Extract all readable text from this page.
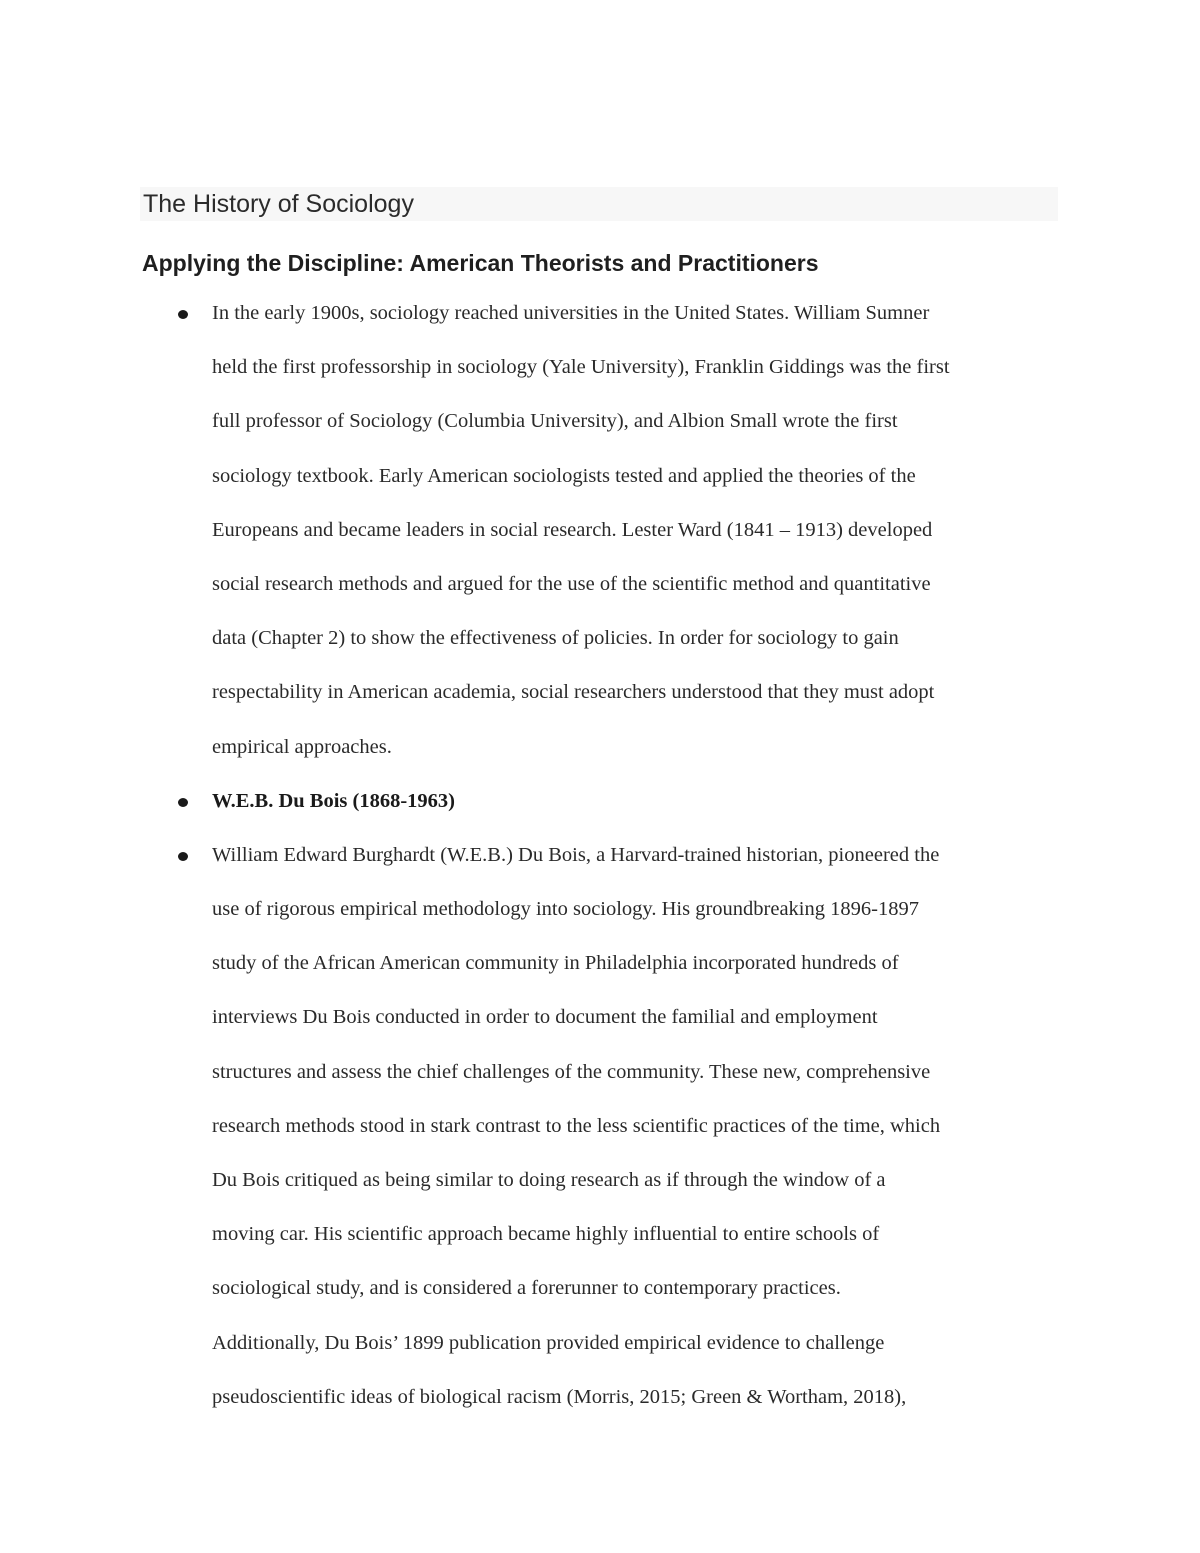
The History of Sociology
Applying the Discipline: American Theorists and Practitioners
In the early 1900s, sociology reached universities in the United States. William Sumner
held the first professorship in sociology (Yale University), Franklin Giddings was the first
full professor of Sociology (Columbia University), and Albion Small wrote the first
sociology textbook. Early American sociologists tested and applied the theories of the
Europeans and became leaders in social research. Lester Ward (1841 – 1913) developed
social research methods and argued for the use of the scientific method and quantitative
data (Chapter 2) to show the effectiveness of policies. In order for sociology to gain
respectability in American academia, social researchers understood that they must adopt
empirical approaches.
W.E.B. Du Bois (1868-1963)
William Edward Burghardt (W.E.B.) Du Bois, a Harvard-trained historian, pioneered the
use of rigorous empirical methodology into sociology. His groundbreaking 1896-1897
study of the African American community in Philadelphia incorporated hundreds of
interviews Du Bois conducted in order to document the familial and employment
structures and assess the chief challenges of the community. These new, comprehensive
research methods stood in stark contrast to the less scientific practices of the time, which
Du Bois critiqued as being similar to doing research as if through the window of a
moving car. His scientific approach became highly influential to entire schools of
sociological study, and is considered a forerunner to contemporary practices.
Additionally, Du Bois’ 1899 publication provided empirical evidence to challenge
pseudoscientific ideas of biological racism (Morris, 2015; Green & Wortham, 2018),
